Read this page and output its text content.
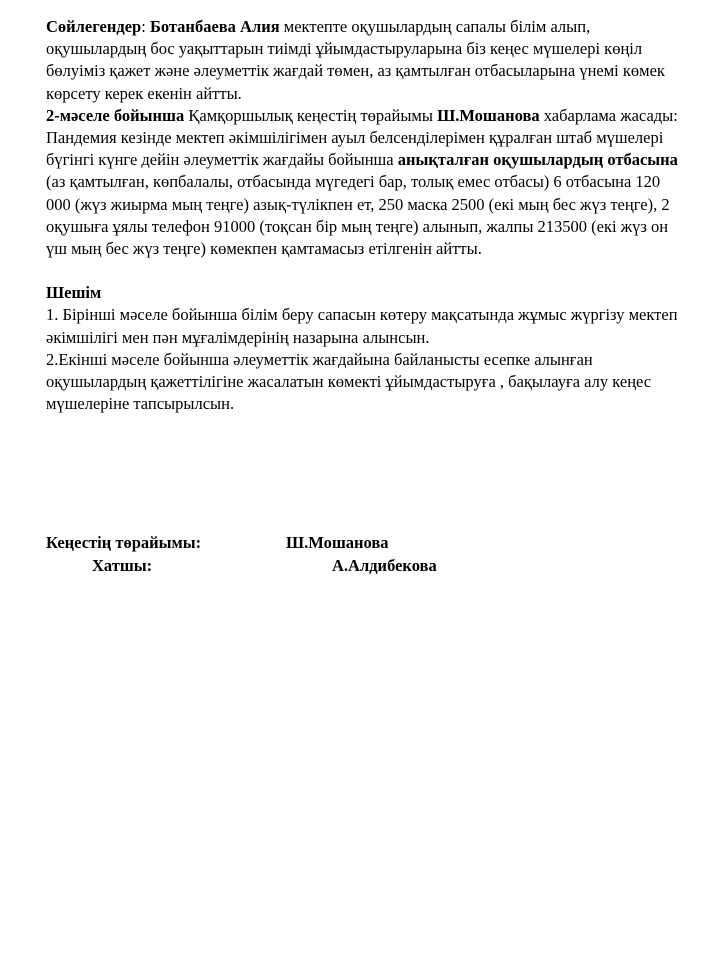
Сөйлегендер: Ботанбаева Алия мектепте оқушылардың сапалы білім алып, оқушылардың бос уақыттарын тиімді ұйымдастыруларына біз кеңес мүшелері көңіл бөлуіміз қажет және әлеуметтік жағдай төмен, аз қамтылған отбасыларына үнемі көмек көрсету керек екенін айтты.

2-мәселе бойынша Қамқоршылық кеңестің төрайымы Ш.Мошанова хабарлама жасады: Пандемия кезінде мектеп әкімшілігімен ауыл белсенділерімен құралған штаб мүшелері бүгінгі күнге дейін әлеуметтік жағдайы бойынша анықталған оқушылардың отбасына (аз қамтылған, көпбалалы, отбасында мүгедегі бар, толық емес отбасы) 6 отбасына 120 000 (жүз жиырма мың теңге) азық-түлікпен ет, 250 маска 2500 (екі мың бес жүз теңге), 2 оқушыға ұялы телефон 91000 (тоқсан бір мың теңге) алынып, жалпы 213500 (екі жүз он үш мың бес жүз теңге) көмекпен қамтамасыз етілгенін айтты.

Шешім

1. Бірінші мәселе бойынша білім беру сапасын көтеру мақсатында жұмыс жүргізу мектеп әкімшілігі мен пән мұғалімдерінің назарына алынсын.

2.Екінші мәселе бойынша әлеуметтік жағдайына байланысты есепке алынған оқушылардың қажеттілігіне жасалатын көмекті ұйымдастыруға , бақылауға алу кеңес мүшелеріне тапсырылсын.

Кеңестің төрайымы:	Ш.Мошанова
Хатшы:	А.Алдибекова
